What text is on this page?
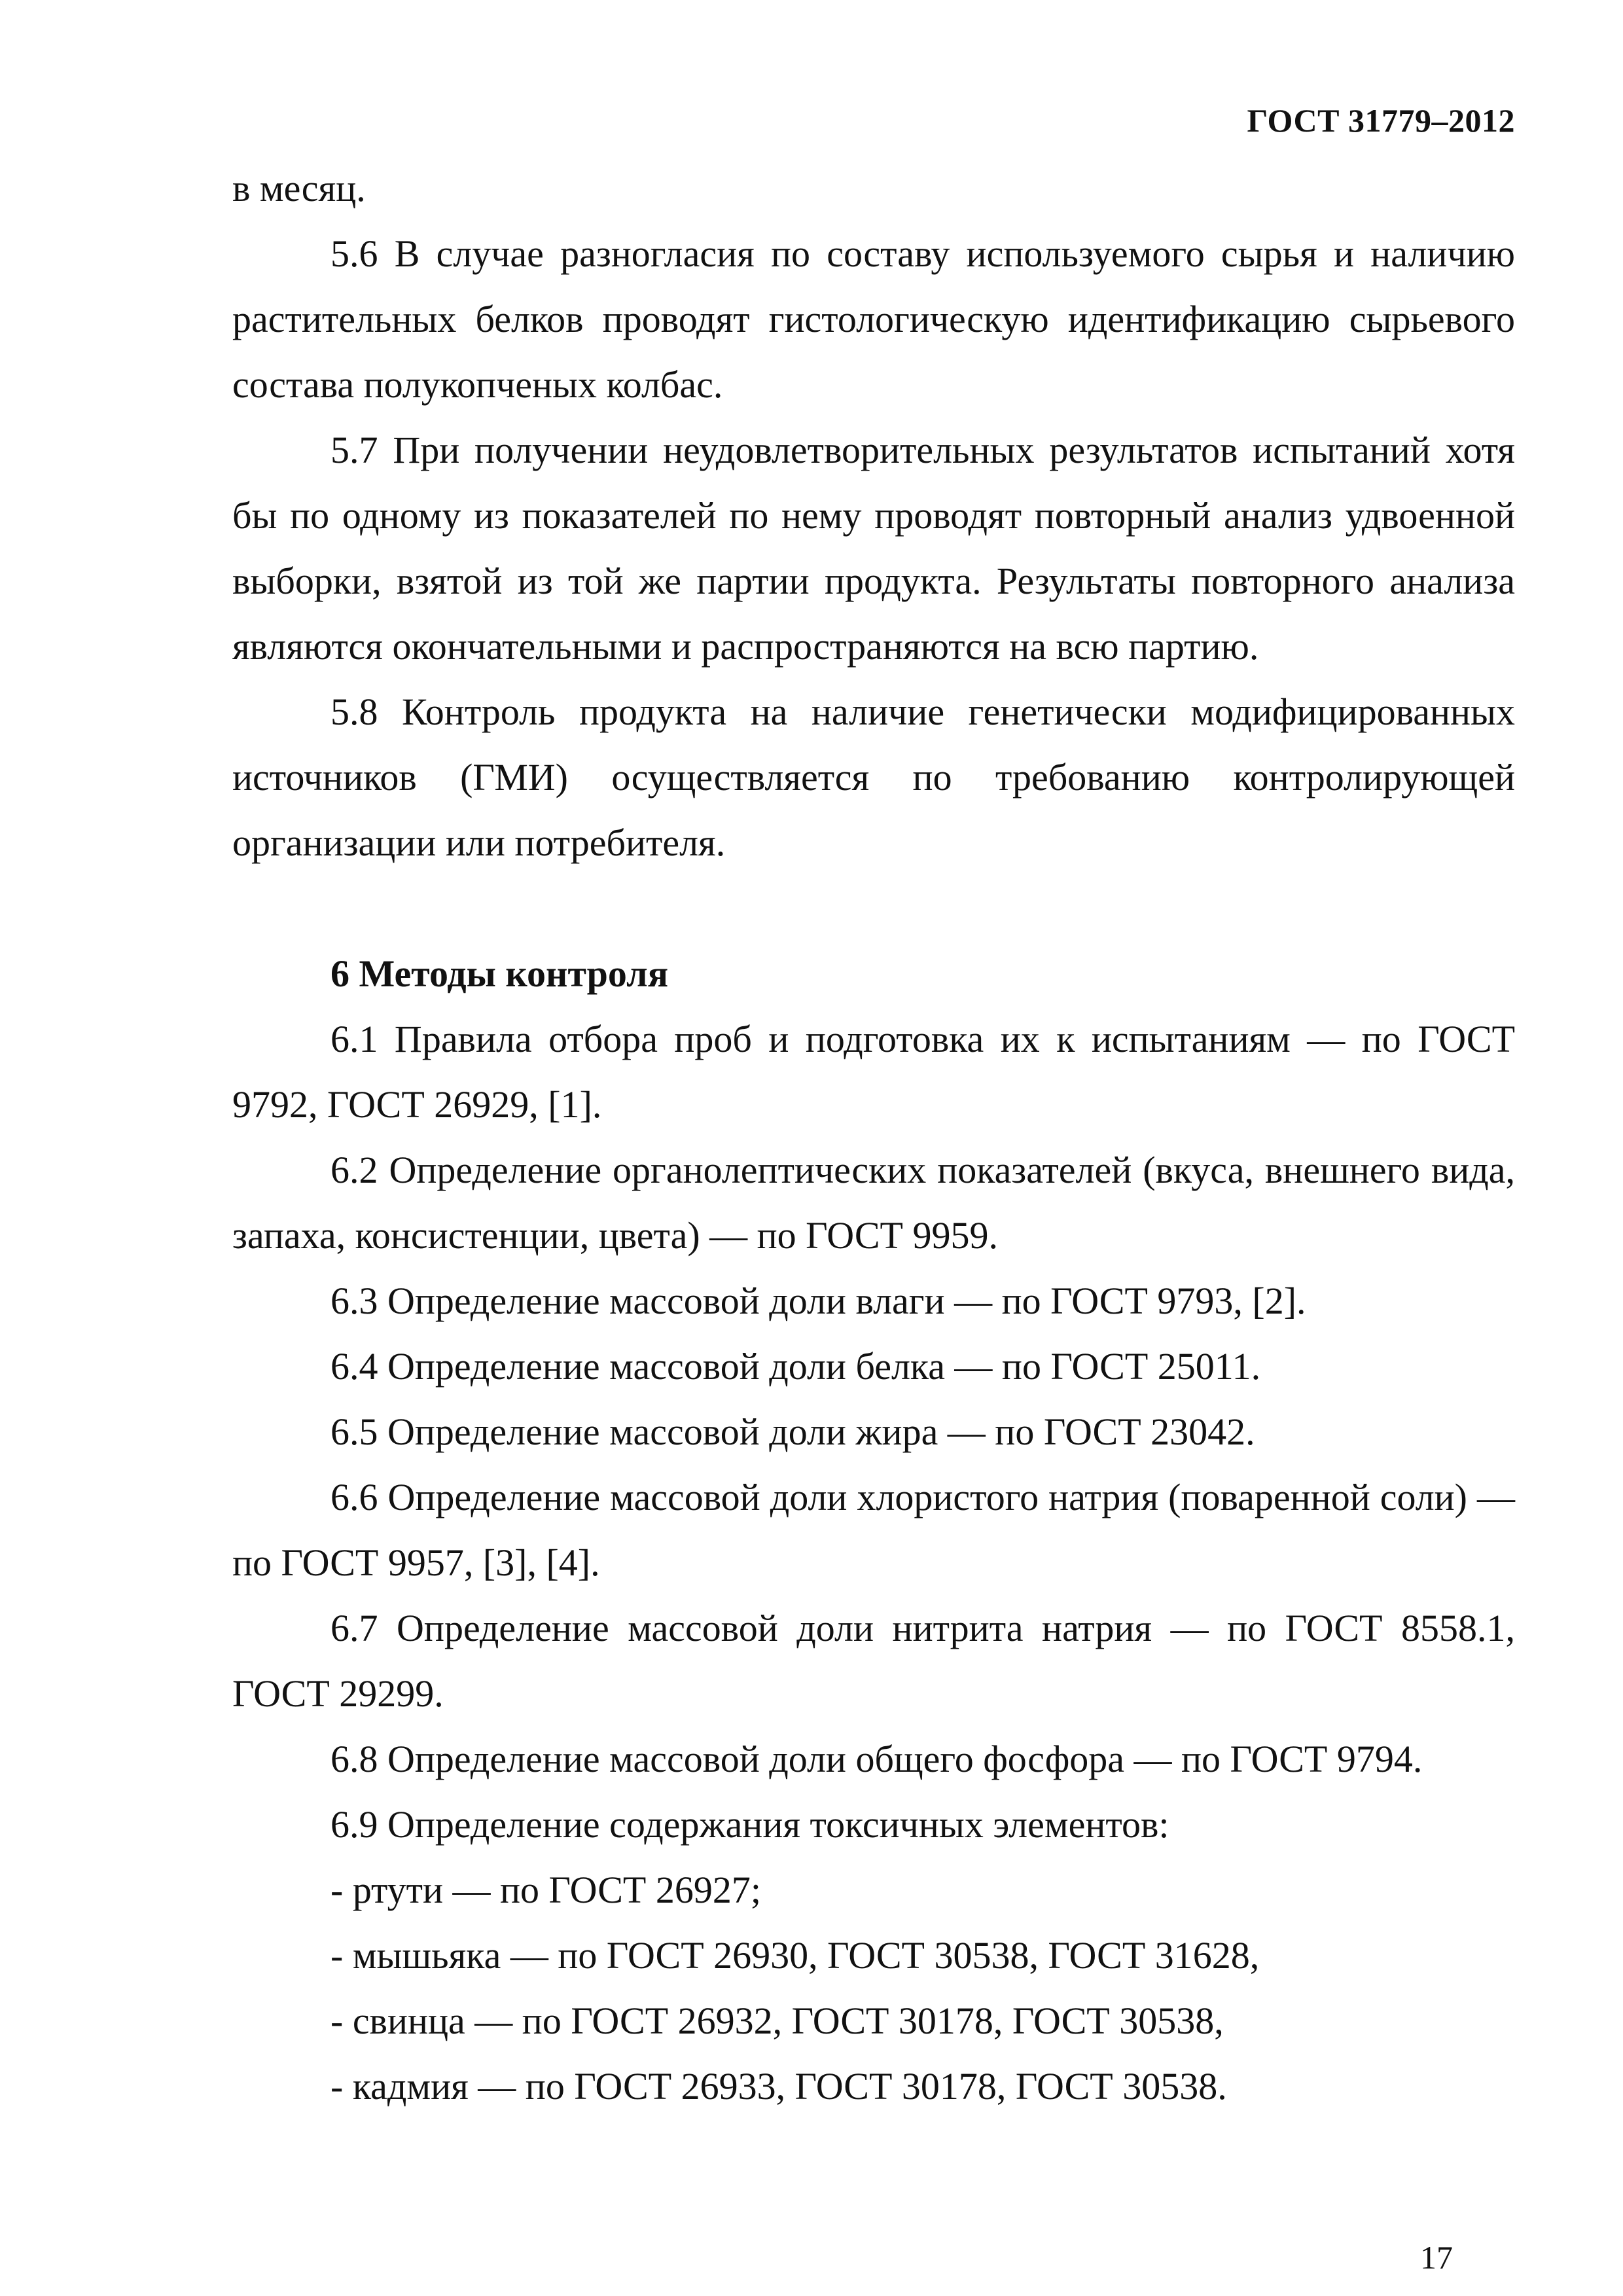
ГОСТ 31779–2012

в месяц.

5.6 В случае разногласия по составу используемого сырья и наличию растительных белков проводят гистологическую идентификацию сырьевого состава полукопченых колбас.

5.7 При получении неудовлетворительных результатов испытаний хотя бы по одному из показателей по нему проводят повторный анализ удвоенной выборки, взятой из той же партии продукта. Результаты повторного анализа являются окончательными и распространяются на всю партию.

5.8 Контроль продукта на наличие генетически модифицированных источников (ГМИ) осуществляется по требованию контролирующей организации или потребителя.

6 Методы контроля

6.1 Правила отбора проб и подготовка их к испытаниям — по ГОСТ 9792, ГОСТ 26929, [1].

6.2 Определение органолептических показателей (вкуса, внешнего вида, запаха, консистенции, цвета) — по ГОСТ 9959.

6.3 Определение массовой доли влаги — по ГОСТ 9793, [2].

6.4 Определение массовой доли белка — по ГОСТ 25011.

6.5 Определение массовой доли жира — по ГОСТ 23042.

6.6 Определение массовой доли хлористого натрия (поваренной соли) — по ГОСТ 9957, [3], [4].

6.7 Определение массовой доли нитрита натрия — по ГОСТ 8558.1, ГОСТ 29299.

6.8 Определение массовой доли общего фосфора — по ГОСТ 9794.

6.9 Определение содержания токсичных элементов:

- ртути — по ГОСТ 26927;

- мышьяка — по ГОСТ 26930, ГОСТ 30538, ГОСТ 31628,

- свинца — по ГОСТ 26932, ГОСТ 30178, ГОСТ 30538,

- кадмия — по ГОСТ 26933, ГОСТ 30178, ГОСТ 30538.

17
